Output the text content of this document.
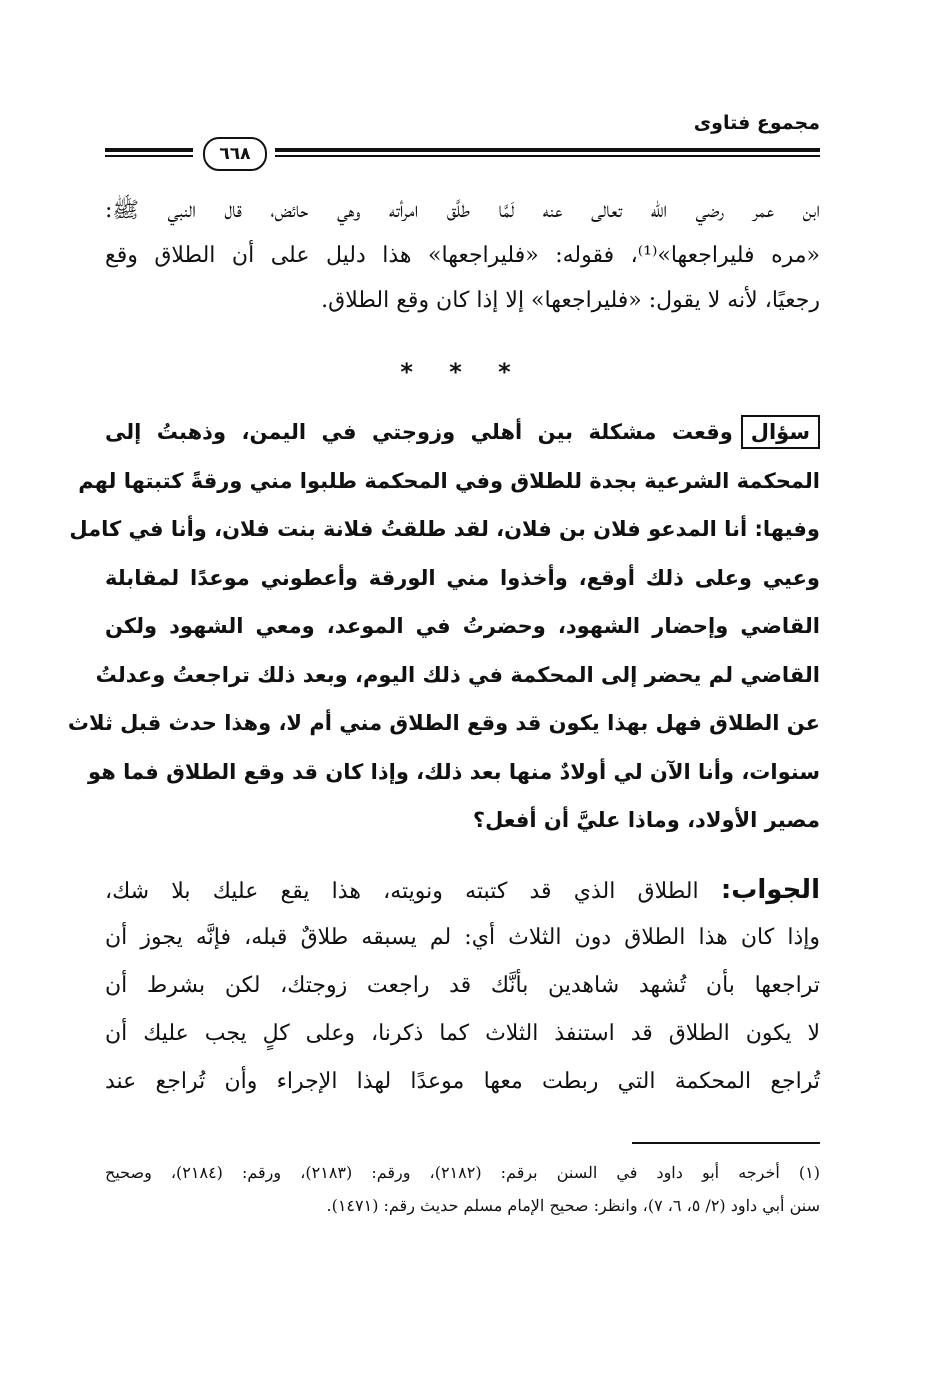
مجموع فتاوى
٦٦٨
ابن عمر رضي الله تعالى عنه لَمَّا طلَّق امرأته وهي حائض، قال النبي ﷺ:
«مره فليراجعها»⁽¹⁾، فقوله: «فليراجعها» هذا دليل على أن الطلاق وقع
رجعيًا، لأنه لا يقول: «فليراجعها» إلا إذا كان وقع الطلاق.
* * *
سؤالوقعت مشكلة بين أهلي وزوجتي في اليمن، وذهبتُ إلى
المحكمة الشرعية بجدة للطلاق وفي المحكمة طلبوا مني ورقةً كتبتها لهم
وفيها: أنا المدعو فلان بن فلان، لقد طلقتُ فلانة بنت فلان، وأنا في كامل
وعيي وعلى ذلك أوقع، وأخذوا مني الورقة وأعطوني موعدًا لمقابلة
القاضي وإحضار الشهود، وحضرتُ في الموعد، ومعي الشهود ولكن
القاضي لم يحضر إلى المحكمة في ذلك اليوم، وبعد ذلك تراجعتُ وعدلتُ
عن الطلاق فهل بهذا يكون قد وقع الطلاق مني أم لا، وهذا حدث قبل ثلاث
سنوات، وأنا الآن لي أولادٌ منها بعد ذلك، وإذا كان قد وقع الطلاق فما هو
مصير الأولاد، وماذا عليَّ أن أفعل؟
الجواب: الطلاق الذي قد كتبته ونويته، هذا يقع عليك بلا شك،
وإذا كان هذا الطلاق دون الثلاث أي: لم يسبقه طلاقٌ قبله، فإنَّه يجوز أن
تراجعها بأن تُشهد شاهدين بأنَّك قد راجعت زوجتك، لكن بشرط أن
لا يكون الطلاق قد استنفذ الثلاث كما ذكرنا، وعلى كلٍ يجب عليك أن
تُراجع المحكمة التي ربطت معها موعدًا لهذا الإجراء وأن تُراجع عند
(١) أخرجه أبو داود في السنن برقم: (٢١٨٢)، ورقم: (٢١٨٣)، ورقم: (٢١٨٤)، وصحيح
سنن أبي داود (٢/ ٥، ٦، ٧)، وانظر: صحيح الإمام مسلم حديث رقم: (١٤٧١).
